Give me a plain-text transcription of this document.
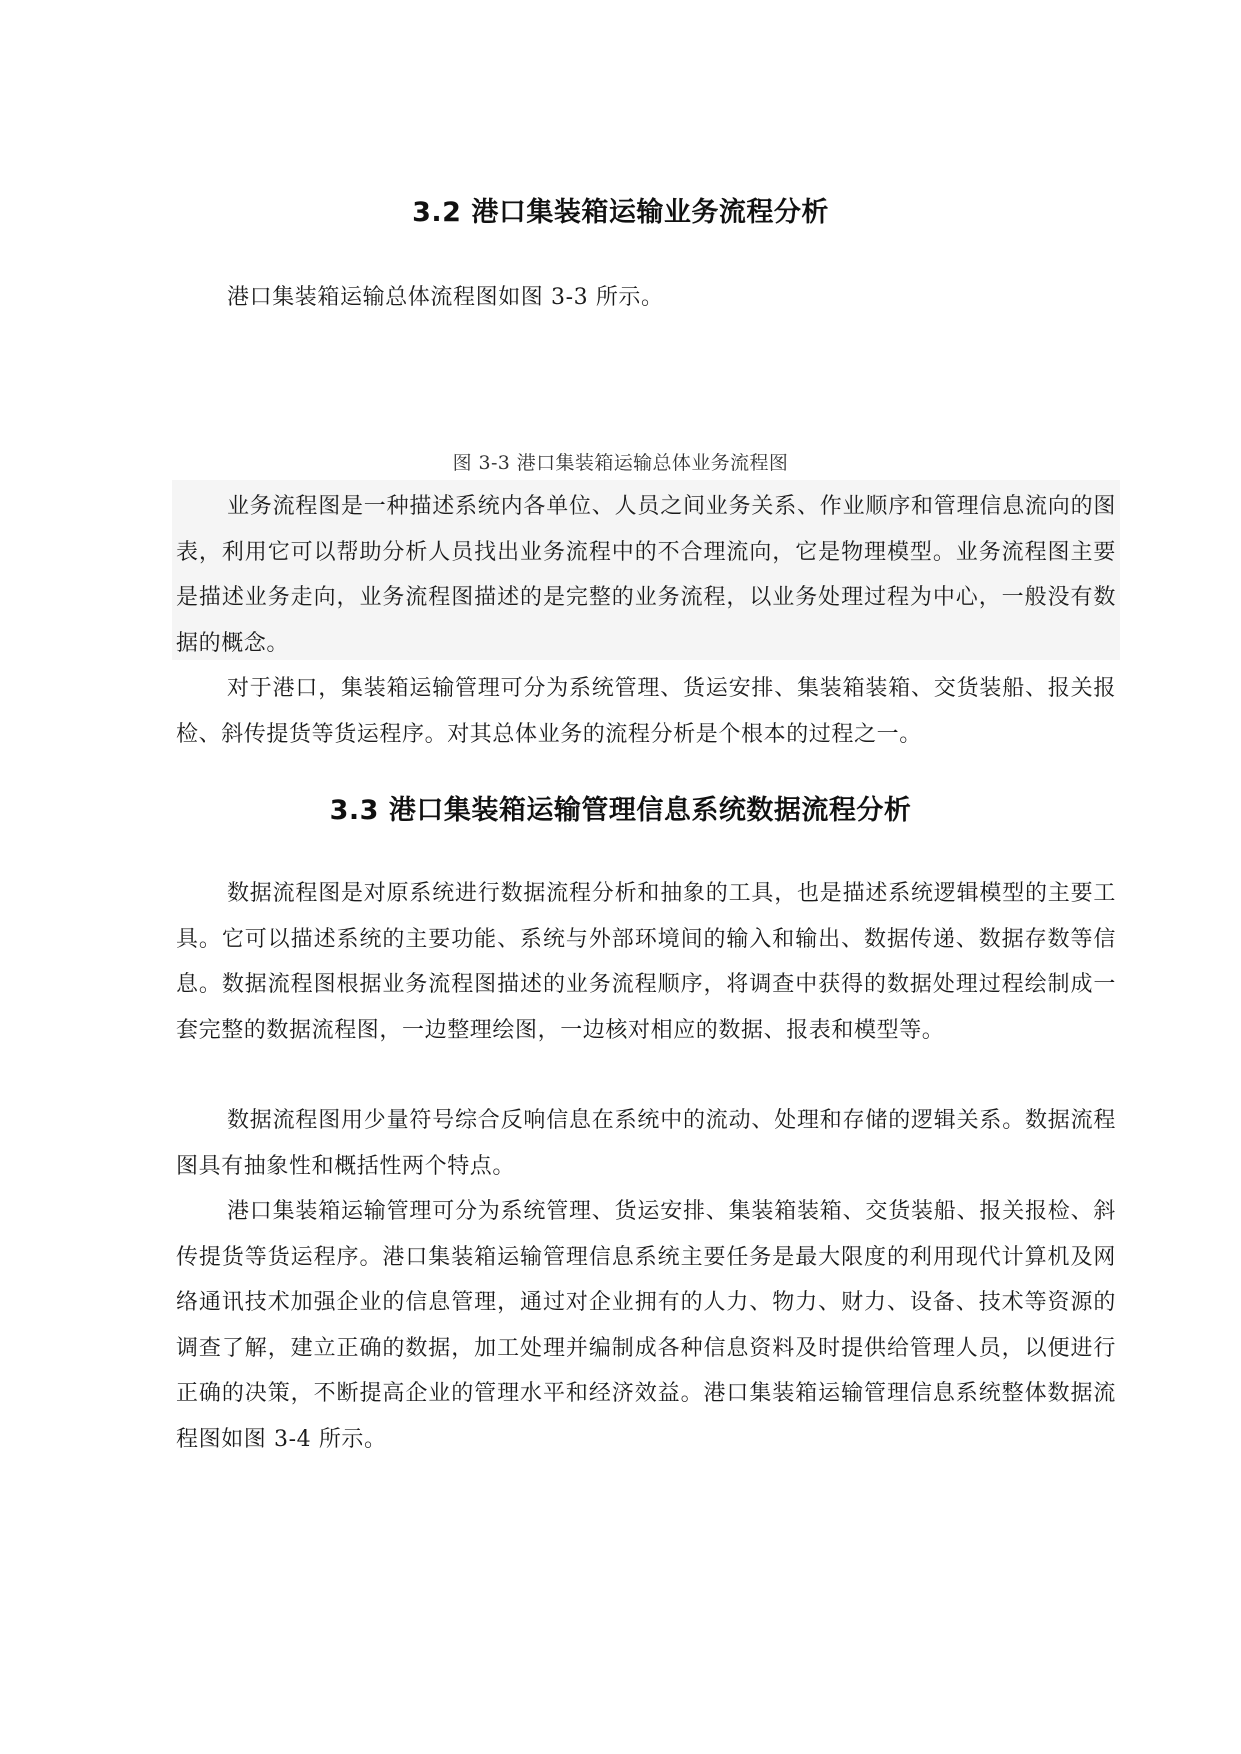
3.2 港口集装箱运输业务流程分析

港口集装箱运输总体流程图如图 3-3 所示。

图 3-3 港口集装箱运输总体业务流程图

业务流程图是一种描述系统内各单位、人员之间业务关系、作业顺序和管理信息流向的图表，利用它可以帮助分析人员找出业务流程中的不合理流向，它是物理模型。业务流程图主要是描述业务走向，业务流程图描述的是完整的业务流程，以业务处理过程为中心，一般没有数据的概念。

对于港口，集装箱运输管理可分为系统管理、货运安排、集装箱装箱、交货装船、报关报检、斜传提货等货运程序。对其总体业务的流程分析是个根本的过程之一。

3.3 港口集装箱运输管理信息系统数据流程分析

数据流程图是对原系统进行数据流程分析和抽象的工具，也是描述系统逻辑模型的主要工具。它可以描述系统的主要功能、系统与外部环境间的输入和输出、数据传递、数据存数等信息。数据流程图根据业务流程图描述的业务流程顺序，将调查中获得的数据处理过程绘制成一套完整的数据流程图，一边整理绘图，一边核对相应的数据、报表和模型等。

数据流程图用少量符号综合反响信息在系统中的流动、处理和存储的逻辑关系。数据流程图具有抽象性和概括性两个特点。

港口集装箱运输管理可分为系统管理、货运安排、集装箱装箱、交货装船、报关报检、斜传提货等货运程序。港口集装箱运输管理信息系统主要任务是最大限度的利用现代计算机及网络通讯技术加强企业的信息管理，通过对企业拥有的人力、物力、财力、设备、技术等资源的调查了解，建立正确的数据，加工处理并编制成各种信息资料及时提供给管理人员，以便进行正确的决策，不断提高企业的管理水平和经济效益。港口集装箱运输管理信息系统整体数据流程图如图 3-4 所示。
